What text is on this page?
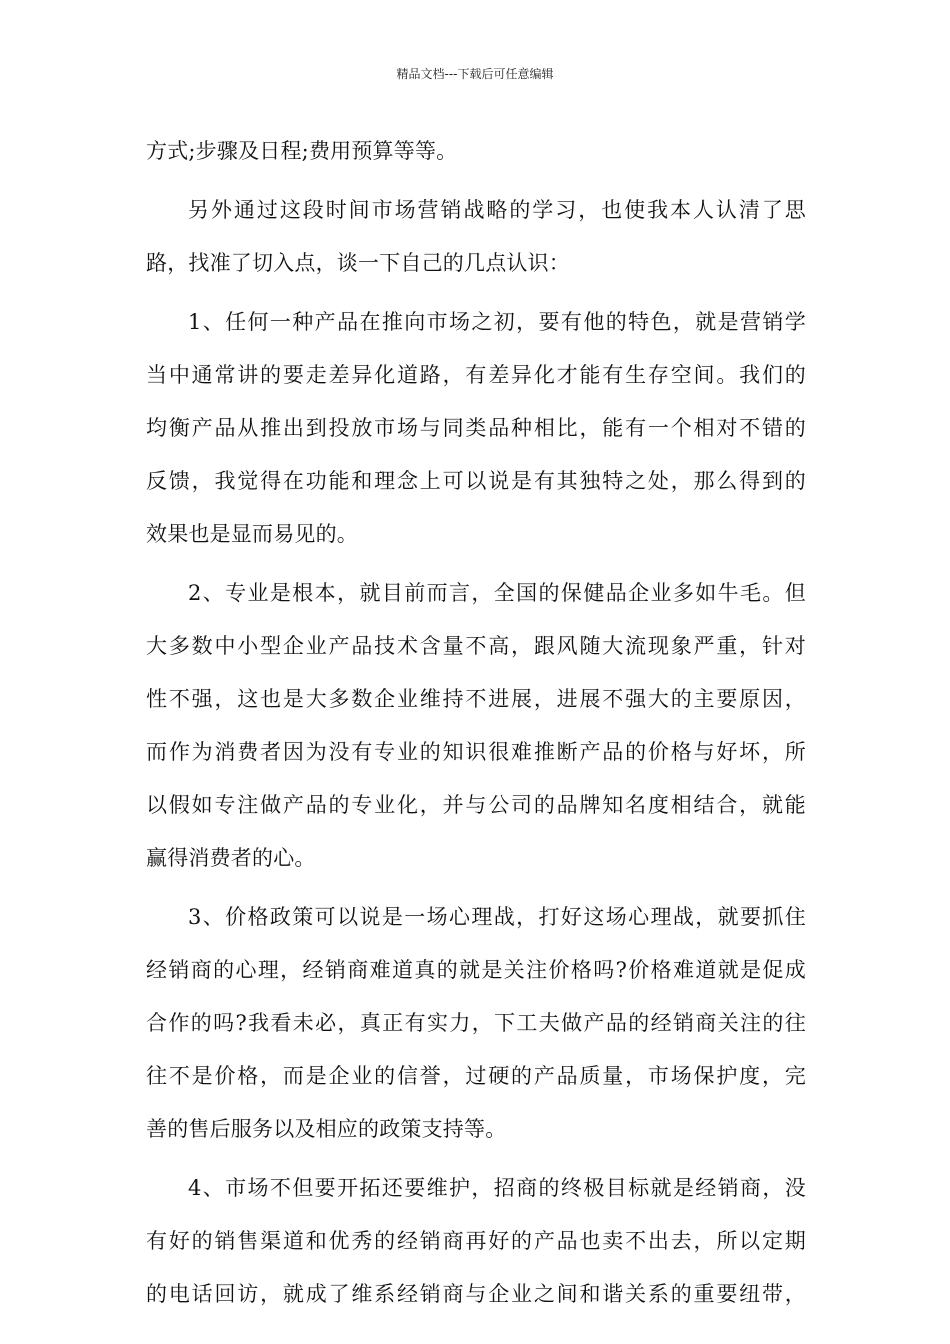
精品文档---下载后可任意编辑
方式;步骤及日程;费用预算等等。
另外通过这段时间市场营销战略的学习，也使我本人认清了思
路，找准了切入点，谈一下自己的几点认识：
1、任何一种产品在推向市场之初，要有他的特色，就是营销学
当中通常讲的要走差异化道路，有差异化才能有生存空间。我们的
均衡产品从推出到投放市场与同类品种相比，能有一个相对不错的
反馈，我觉得在功能和理念上可以说是有其独特之处，那么得到的
效果也是显而易见的。
2、专业是根本，就目前而言，全国的保健品企业多如牛毛。但
大多数中小型企业产品技术含量不高，跟风随大流现象严重，针对
性不强，这也是大多数企业维持不进展，进展不强大的主要原因，
而作为消费者因为没有专业的知识很难推断产品的价格与好坏，所
以假如专注做产品的专业化，并与公司的品牌知名度相结合，就能
赢得消费者的心。
3、价格政策可以说是一场心理战，打好这场心理战，就要抓住
经销商的心理，经销商难道真的就是关注价格吗?价格难道就是促成
合作的吗?我看未必，真正有实力，下工夫做产品的经销商关注的往
往不是价格，而是企业的信誉，过硬的产品质量，市场保护度，完
善的售后服务以及相应的政策支持等。
4、市场不但要开拓还要维护，招商的终极目标就是经销商，没
有好的销售渠道和优秀的经销商再好的产品也卖不出去，所以定期
的电话回访，就成了维系经销商与企业之间和谐关系的重要纽带，
